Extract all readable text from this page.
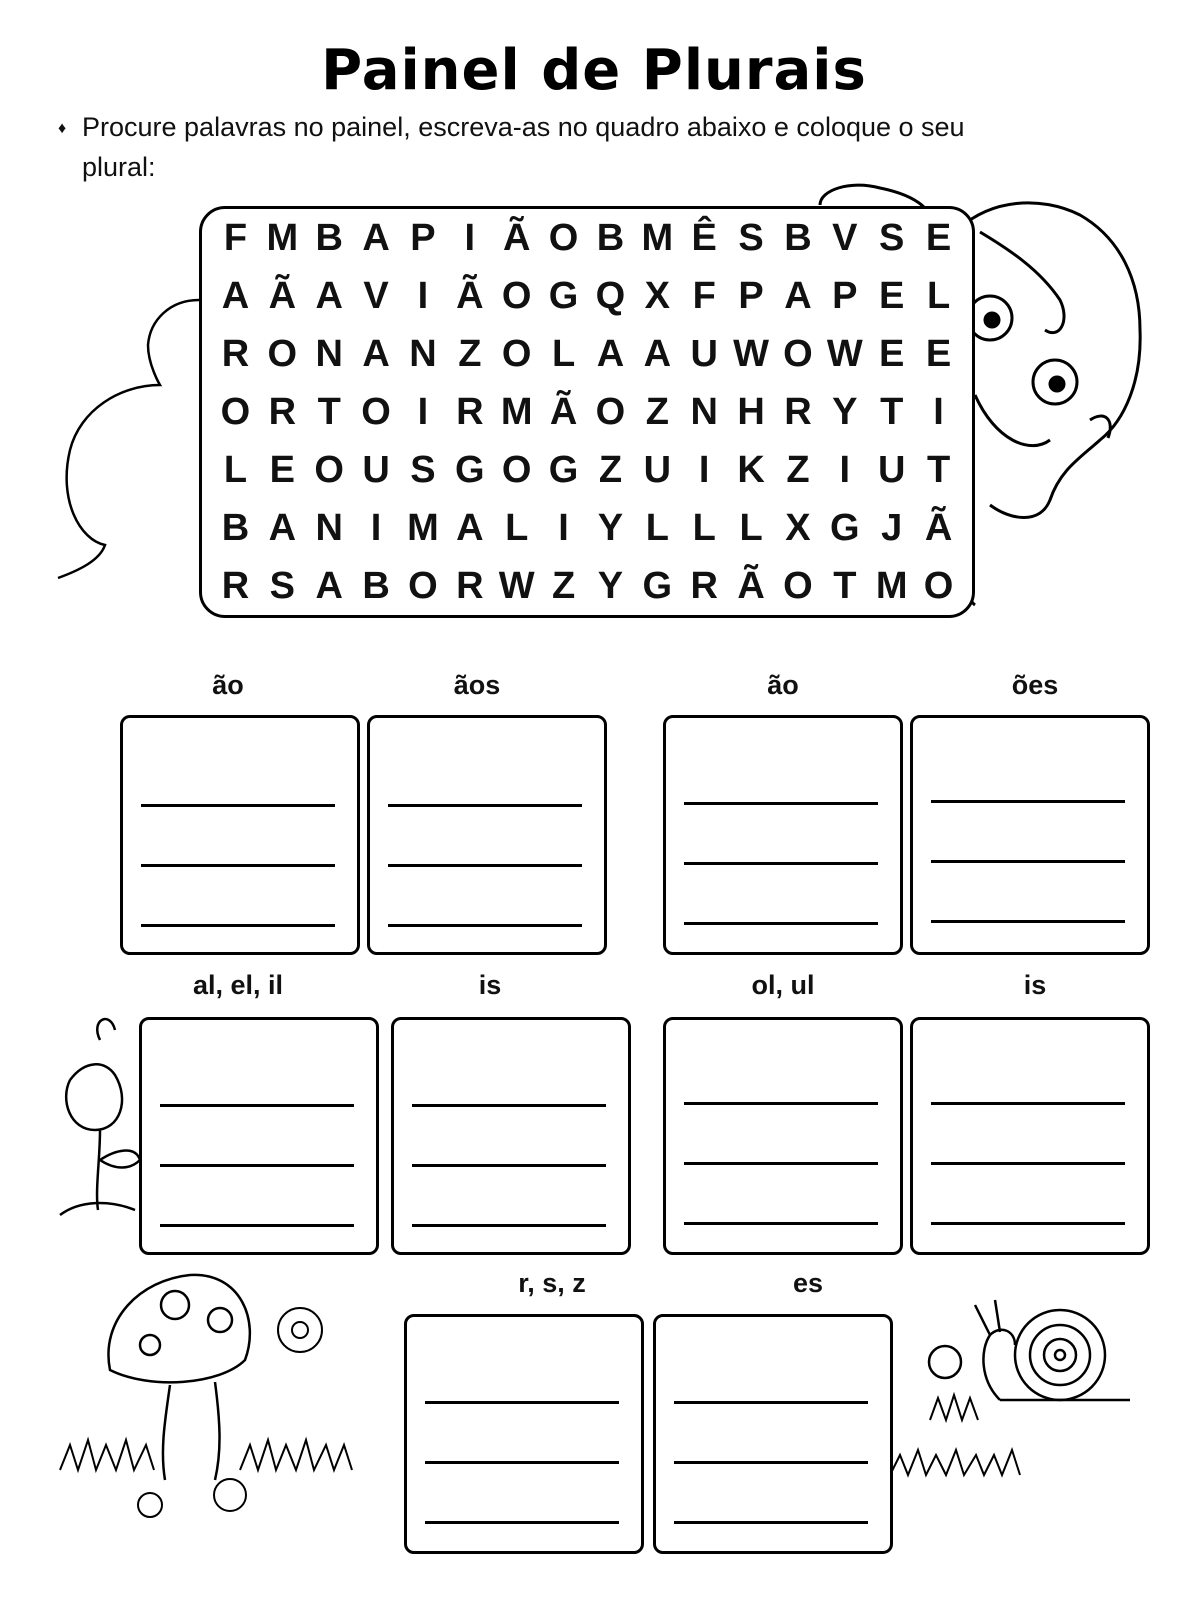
Painel de Plurais
♦ Procure palavras no painel, escreva-as no quadro abaixo e coloque o seu
plural:
F M B A P I Ã O B M Ê S B V S E
A Ã A V I Ã O G Q X F P A P E L
R O N A N Z O L A A U W O W E E
O R T O I R M Ã O Z N H R Y T I
L E O U S G O G Z U I K Z I U T
B A N I M A L I Y L L L X G J Ã
R S A B O R W Z Y G R Ã O T M O
ão	ãos	ão	ões
al, el, il	is	ol, ul	is
r, s, z	es
